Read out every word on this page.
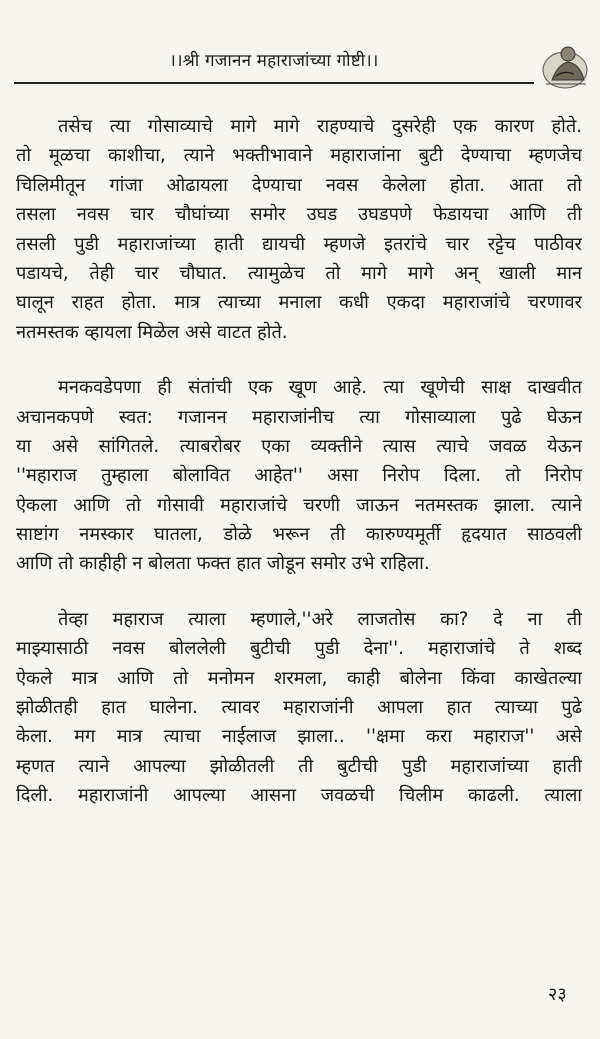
।।श्री गजानन महाराजांच्या गोष्टी।।
तसेच त्या गोसाव्याचे मागे मागे राहण्याचे दुसरेही एक कारण होते.
तो मूळचा काशीचा, त्याने भक्तीभावाने महाराजांना बुटी देण्याचा म्हणजेच
चिलिमीतून गांजा ओढायला देण्याचा नवस केलेला होता. आता तो
तसला नवस चार चौघांच्या समोर उघड उघडपणे फेडायचा आणि ती
तसली पुडी महाराजांच्या हाती द्यायची म्हणजे इतरांचे चार रट्टेच पाठीवर
पडायचे, तेही चार चौघात. त्यामुळेच तो मागे मागे अन् खाली मान
घालून राहत होता. मात्र त्याच्या मनाला कधी एकदा महाराजांचे चरणावर
नतमस्तक व्हायला मिळेल असे वाटत होते.
मनकवडेपणा ही संतांची एक खूण आहे. त्या खूणेची साक्ष दाखवीत
अचानकपणे स्वत: गजानन महाराजांनीच त्या गोसाव्याला पुढे घेऊन
या असे सांगितले. त्याबरोबर एका व्यक्तीने त्यास त्याचे जवळ येऊन
''महाराज तुम्हाला बोलावित आहेत'' असा निरोप दिला. तो निरोप
ऐकला आणि तो गोसावी महाराजांचे चरणी जाऊन नतमस्तक झाला. त्याने
साष्टांग नमस्कार घातला, डोळे भरून ती कारुण्यमूर्ती हृदयात साठवली
आणि तो काहीही न बोलता फक्त हात जोडून समोर उभे राहिला.
तेव्हा महाराज त्याला म्हणाले,''अरे लाजतोस का? दे ना ती
माझ्यासाठी नवस बोललेली बुटीची पुडी देना''. महाराजांचे ते शब्द
ऐकले मात्र आणि तो मनोमन शरमला, काही बोलेना किंवा काखेतल्या
झोळीतही हात घालेना. त्यावर महाराजांनी आपला हात त्याच्या पुढे
केला. मग मात्र त्याचा नाईलाज झाला.. ''क्षमा करा महाराज'' असे
म्हणत त्याने आपल्या झोळीतली ती बुटीची पुडी महाराजांच्या हाती
दिली. महाराजांनी आपल्या आसना जवळची चिलीम काढली. त्याला
२३
